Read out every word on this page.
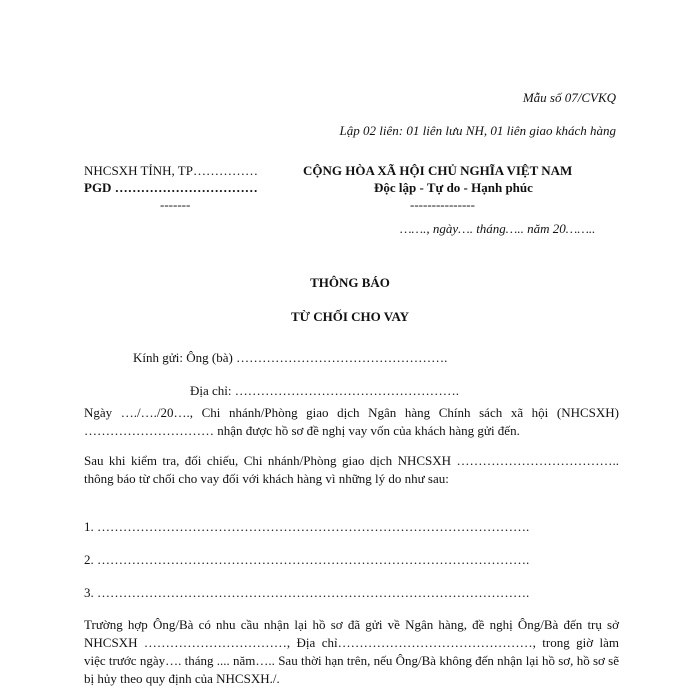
Mẫu số 07/CVKQ
Lập 02 liên: 01 liên lưu NH, 01 liên giao khách hàng
NHCSXH TỈNH, TP……………
PGD ……………………………
-------
CỘNG HÒA XÃ HỘI CHỦ NGHĨA VIỆT NAM
Độc lập - Tự do - Hạnh phúc
---------------
……., ngày…. tháng….. năm 20……..
THÔNG BÁO
TỪ CHỐI CHO VAY
Kính gửi: Ông (bà) ………………………………………….
Địa chỉ: …………………………………………….
Ngày …./…./20…., Chi nhánh/Phòng giao dịch Ngân hàng Chính sách xã hội (NHCSXH) ………………………… nhận được hồ sơ đề nghị vay vốn của khách hàng gửi đến.
Sau khi kiểm tra, đối chiếu, Chi nhánh/Phòng giao dịch NHCSXH ……………………………….. thông báo từ chối cho vay đối với khách hàng vì những lý do như sau:
1. ……………………………………………………………………………………….
2. ……………………………………………………………………………………….
3. ……………………………………………………………………………………….
Trường hợp Ông/Bà có nhu cầu nhận lại hồ sơ đã gửi về Ngân hàng, đề nghị Ông/Bà đến trụ sở NHCSXH ……………………………, Địa chỉ………………………………………, trong giờ làm việc trước ngày…. tháng .... năm….. Sau thời hạn trên, nếu Ông/Bà không đến nhận lại hồ sơ, hồ sơ sẽ bị hủy theo quy định của NHCSXH./.
